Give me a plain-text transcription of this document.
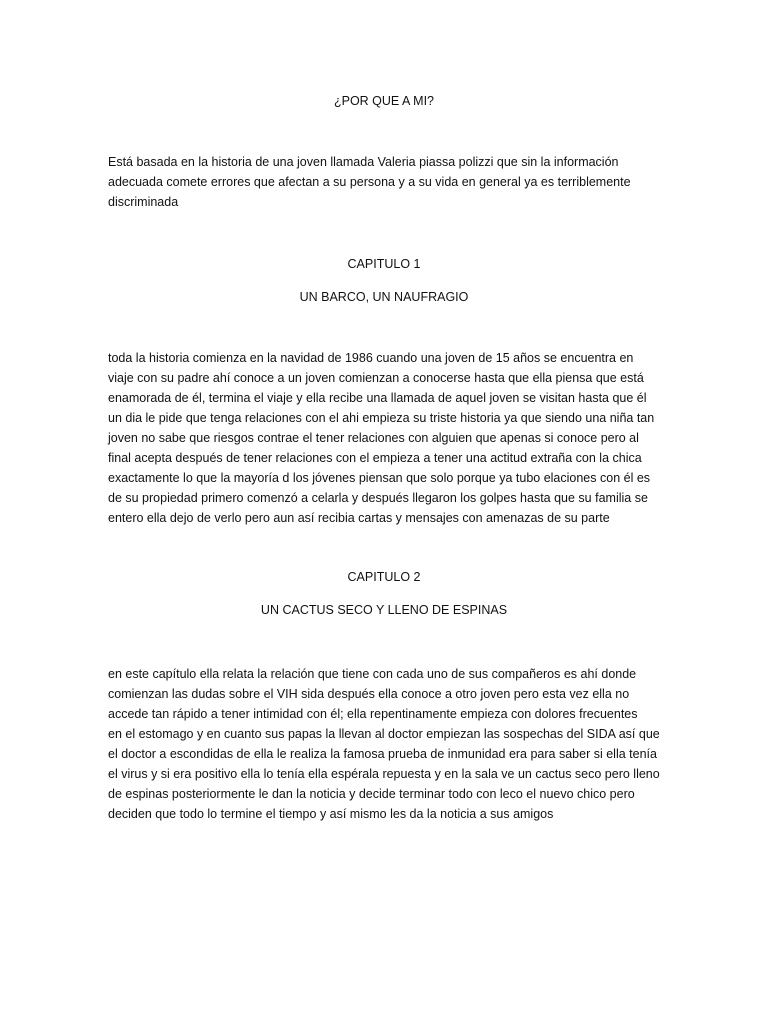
¿POR QUE A MI?

Está basada en la historia de una joven llamada Valeria piassa polizzi que sin la información
adecuada comete errores que afectan a su persona y a su vida en general ya es terriblemente
discriminada

CAPITULO 1

UN BARCO, UN NAUFRAGIO

toda la historia comienza en la navidad de 1986 cuando una joven de 15 años se encuentra en
viaje con su padre ahí conoce a un joven comienzan a conocerse hasta que ella piensa que está
enamorada de él, termina el viaje y ella recibe una llamada de aquel joven se visitan hasta que él
un dia le pide que tenga relaciones con el ahi empieza su triste historia ya que siendo una niña tan
joven no sabe que riesgos contrae el tener relaciones con alguien que apenas si conoce pero al
final acepta después de tener relaciones con el empieza a tener una actitud extraña con la chica
exactamente lo que la mayoría d los jóvenes piensan que solo porque ya tubo elaciones con él es
de su propiedad primero comenzó a celarla y después llegaron los golpes hasta que su familia se
entero ella dejo de verlo pero aun así recibia cartas y mensajes con amenazas de su parte

CAPITULO 2

UN CACTUS SECO Y LLENO DE ESPINAS

en este capítulo ella relata la relación que tiene con cada uno de sus compañeros es ahí donde
comienzan las dudas sobre el VIH sida después ella conoce a otro joven pero esta vez ella no
accede tan rápido a tener intimidad con él; ella repentinamente empieza con dolores frecuentes
en el estomago y en cuanto sus papas la llevan al doctor empiezan las sospechas del SIDA así que
el doctor a escondidas de ella le realiza la famosa prueba de inmunidad era para saber si ella tenía
el virus y si era positivo ella lo tenía ella espérala repuesta y en la sala ve un cactus seco pero lleno
de espinas posteriormente le dan la noticia y decide terminar todo con leco el nuevo chico pero
deciden que todo lo termine el tiempo y así mismo les da la noticia a sus amigos
